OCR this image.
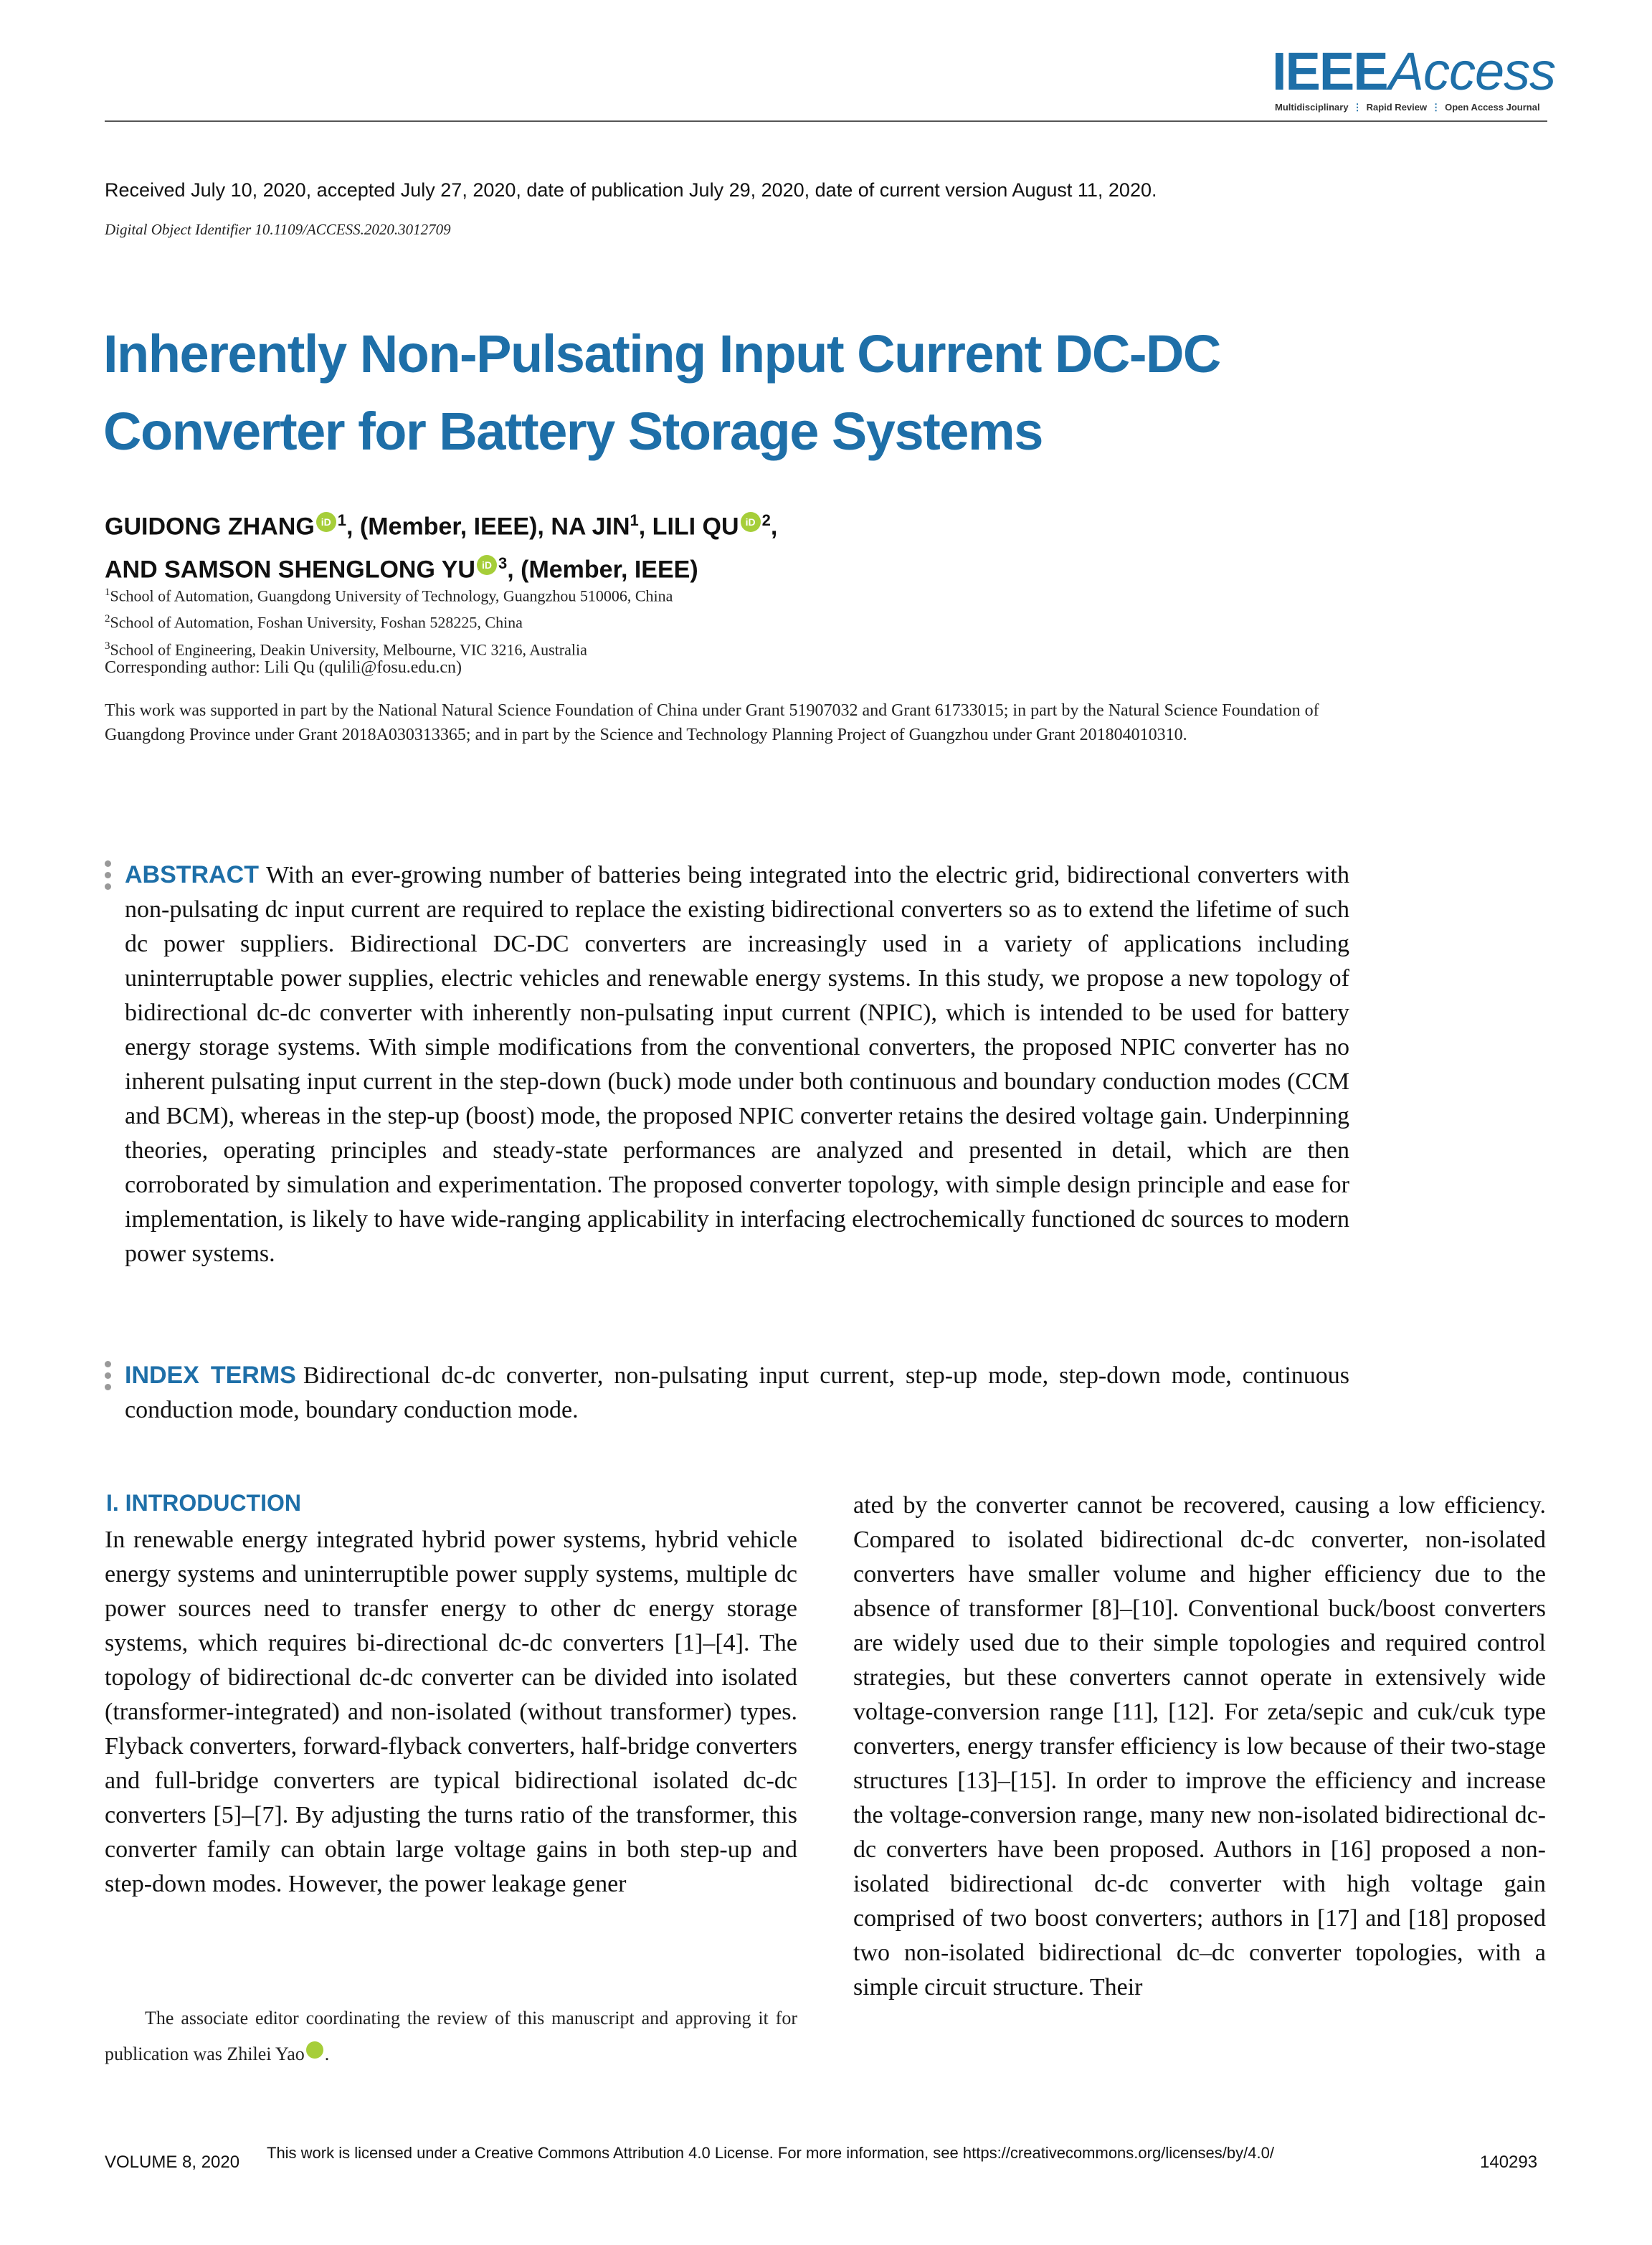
IEEEAccess
Multidisciplinary ⋮ Rapid Review ⋮ Open Access Journal
Received July 10, 2020, accepted July 27, 2020, date of publication July 29, 2020, date of current version August 11, 2020.
Digital Object Identifier 10.1109/ACCESS.2020.3012709
Inherently Non-Pulsating Input Current DC-DC
Converter for Battery Storage Systems
GUIDONG ZHANG iD $^1$, (Member, IEEE), NA JIN$^1$, LILI QU iD $^2$,
AND SAMSON SHENGLONG YU iD $^3$, (Member, IEEE)
$^1$School of Automation, Guangdong University of Technology, Guangzhou 510006, China
$^2$School of Automation, Foshan University, Foshan 528225, China
$^3$School of Engineering, Deakin University, Melbourne, VIC 3216, Australia
Corresponding author: Lili Qu (qulili@fosu.edu.cn)
This work was supported in part by the National Natural Science Foundation of China under Grant 51907032 and Grant 61733015; in part by the Natural Science Foundation of Guangdong Province under Grant 2018A030313365; and in part by the Science and Technology Planning Project of Guangzhou under Grant 201804010310.
ABSTRACT With an ever-growing number of batteries being integrated into the electric grid, bidirectional converters with non-pulsating dc input current are required to replace the existing bidirectional converters so as to extend the lifetime of such dc power suppliers. Bidirectional DC-DC converters are increasingly used in a variety of applications including uninterruptable power supplies, electric vehicles and renewable energy systems. In this study, we propose a new topology of bidirectional dc-dc converter with inherently non-pulsating input current (NPIC), which is intended to be used for battery energy storage systems. With simple modifications from the conventional converters, the proposed NPIC converter has no inherent pulsating input current in the step-down (buck) mode under both continuous and boundary conduction modes (CCM and BCM), whereas in the step-up (boost) mode, the proposed NPIC converter retains the desired voltage gain. Underpinning theories, operating principles and steady-state performances are analyzed and presented in detail, which are then corroborated by simulation and experimentation. The proposed converter topology, with simple design principle and ease for implementation, is likely to have wide-ranging applicability in interfacing electrochemically functioned dc sources to modern power systems.
INDEX TERMS Bidirectional dc-dc converter, non-pulsating input current, step-up mode, step-down mode, continuous conduction mode, boundary conduction mode.
I. INTRODUCTION
In renewable energy integrated hybrid power systems, hybrid vehicle energy systems and uninterruptible power supply systems, multiple dc power sources need to transfer energy to other dc energy storage systems, which requires bi-directional dc-dc converters [1]–[4]. The topology of bidirectional dc-dc converter can be divided into isolated (transformer-integrated) and non-isolated (without transformer) types. Flyback converters, forward-flyback converters, half-bridge converters and full-bridge converters are typical bidirectional isolated dc-dc converters [5]–[7]. By adjusting the turns ratio of the transformer, this converter family can obtain large voltage gains in both step-up and step-down modes. However, the power leakage gener
ated by the converter cannot be recovered, causing a low efficiency. Compared to isolated bidirectional dc-dc converter, non-isolated converters have smaller volume and higher efficiency due to the absence of transformer [8]–[10]. Conventional buck/boost converters are widely used due to their simple topologies and required control strategies, but these converters cannot operate in extensively wide voltage-conversion range [11], [12]. For zeta/sepic and cuk/cuk type converters, energy transfer efficiency is low because of their two-stage structures [13]–[15]. In order to improve the efficiency and increase the voltage-conversion range, many new non-isolated bidirectional dc-dc converters have been proposed. Authors in [16] proposed a non-isolated bidirectional dc-dc converter with high voltage gain comprised of two boost converters; authors in [17] and [18] proposed two non-isolated bidirectional dc–dc converter topologies, with a simple circuit structure. Their
The associate editor coordinating the review of this manuscript and approving it for publication was Zhilei Yao	iD.
VOLUME 8, 2020 This work is licensed under a Creative Commons Attribution 4.0 License. For more information, see https://creativecommons.org/licenses/by/4.0/	140293
